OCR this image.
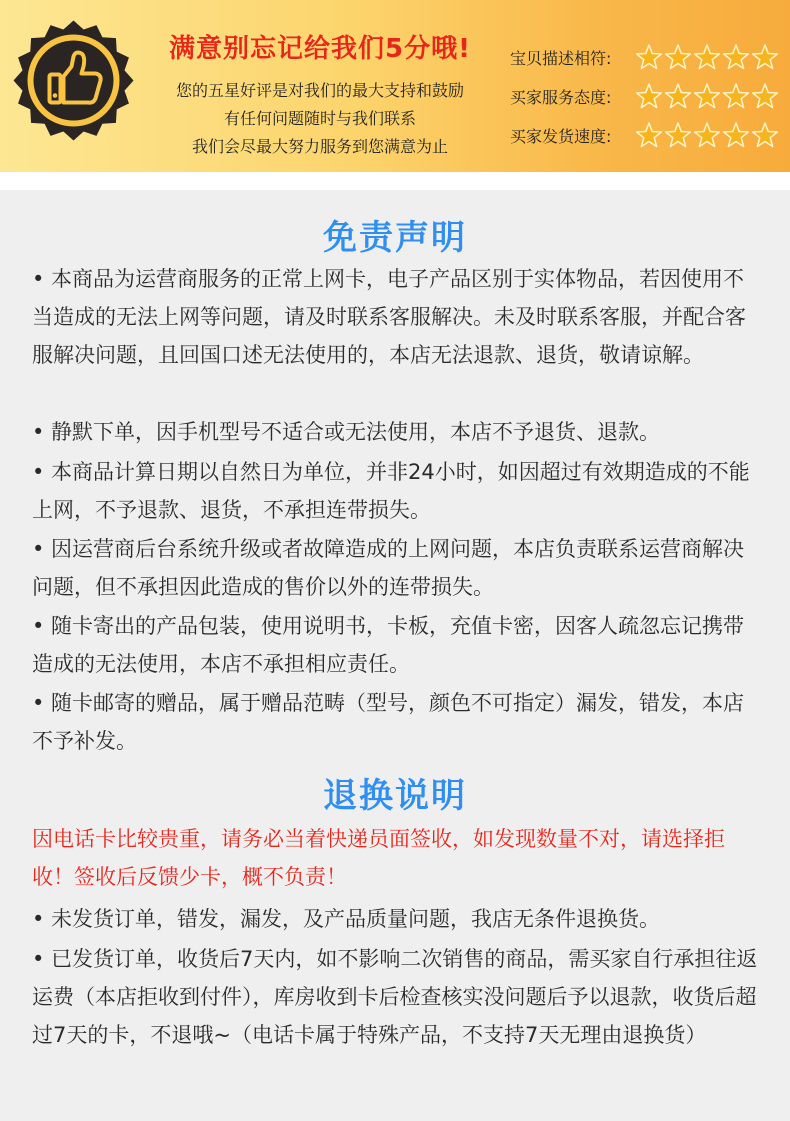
满意别忘记给我们5分哦!
您的五星好评是对我们的最大支持和鼓励
有任何问题随时与我们联系
我们会尽最大努力服务到您满意为止
宝贝描述相符:
买家服务态度:
买家发货速度:
免责声明
• 本商品为运营商服务的正常上网卡，电子产品区别于实体物品，若因使用不当造成的无法上网等问题，请及时联系客服解决。未及时联系客服，并配合客服解决问题，且回国口述无法使用的，本店无法退款、退货，敬请谅解。
• 静默下单，因手机型号不适合或无法使用，本店不予退货、退款。
• 本商品计算日期以自然日为单位，并非24小时，如因超过有效期造成的不能上网，不予退款、退货，不承担连带损失。
• 因运营商后台系统升级或者故障造成的上网问题，本店负责联系运营商解决问题，但不承担因此造成的售价以外的连带损失。
• 随卡寄出的产品包装，使用说明书，卡板，充值卡密，因客人疏忽忘记携带造成的无法使用，本店不承担相应责任。
• 随卡邮寄的赠品，属于赠品范畴（型号，颜色不可指定）漏发，错发，本店不予补发。
退换说明
因电话卡比较贵重，请务必当着快递员面签收，如发现数量不对，请选择拒收！签收后反馈少卡，概不负责！
• 未发货订单，错发，漏发，及产品质量问题，我店无条件退换货。
• 已发货订单，收货后7天内，如不影响二次销售的商品，需买家自行承担往返运费（本店拒收到付件），库房收到卡后检查核实没问题后予以退款，收货后超过7天的卡，不退哦~（电话卡属于特殊产品，不支持7天无理由退换货）
